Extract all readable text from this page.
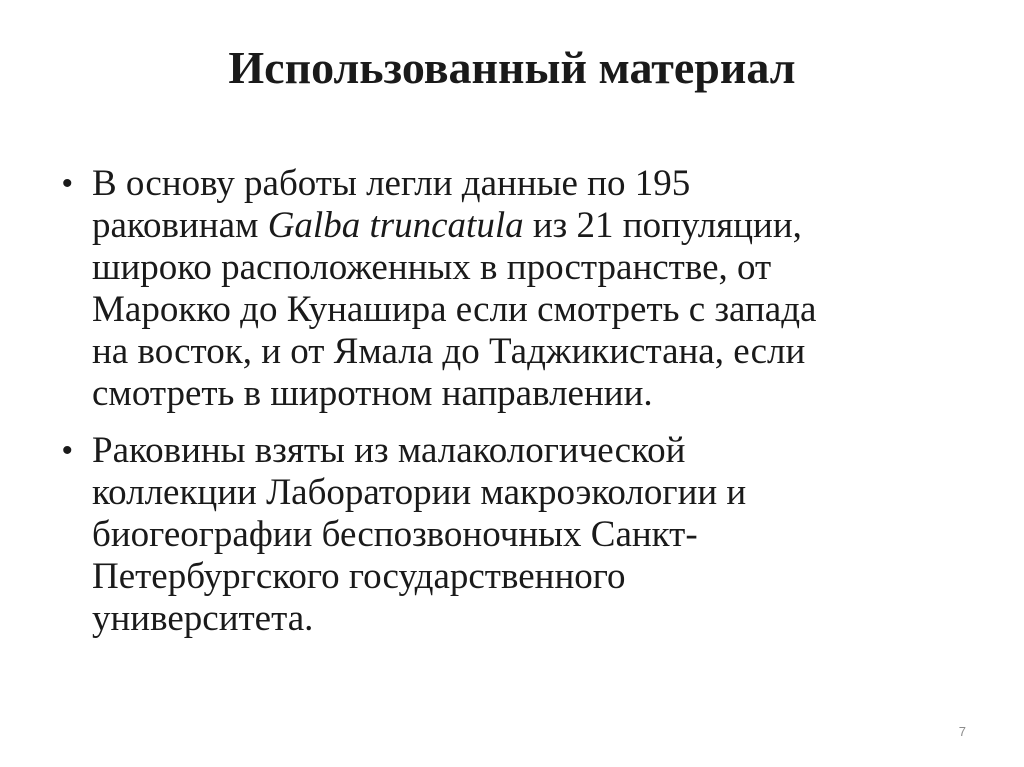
Использованный материал
• В основу работы легли данные по 195
раковинам Galba truncatula из 21 популяции,
широко расположенных в пространстве, от
Марокко до Кунашира если смотреть с запада
на восток, и от Ямала до Таджикистана, если
смотреть в широтном направлении.
• Раковины взяты из малакологической
коллекции Лаборатории макроэкологии и
биогеографии беспозвоночных Санкт-
Петербургского государственного
университета.
7
